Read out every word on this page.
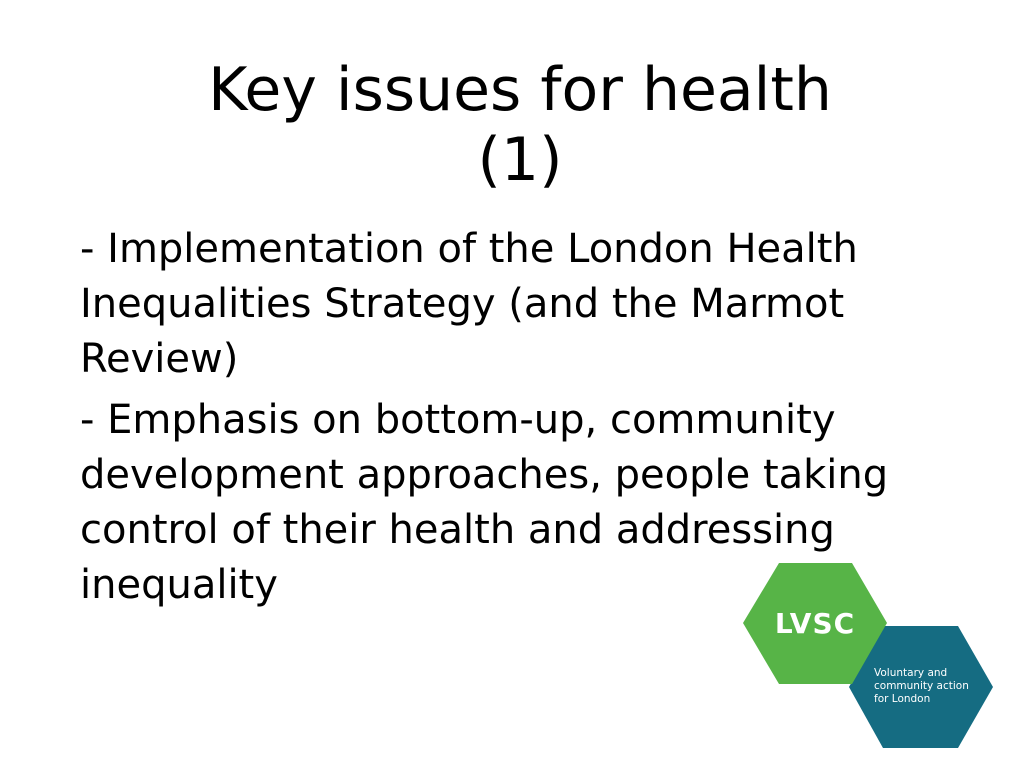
Key issues for health
(1)

- Implementation of the London Health Inequalities Strategy (and the Marmot Review)

- Emphasis on bottom-up, community development approaches, people taking control of their health and addressing inequality

LVSC
Voluntary and
community action
for London
